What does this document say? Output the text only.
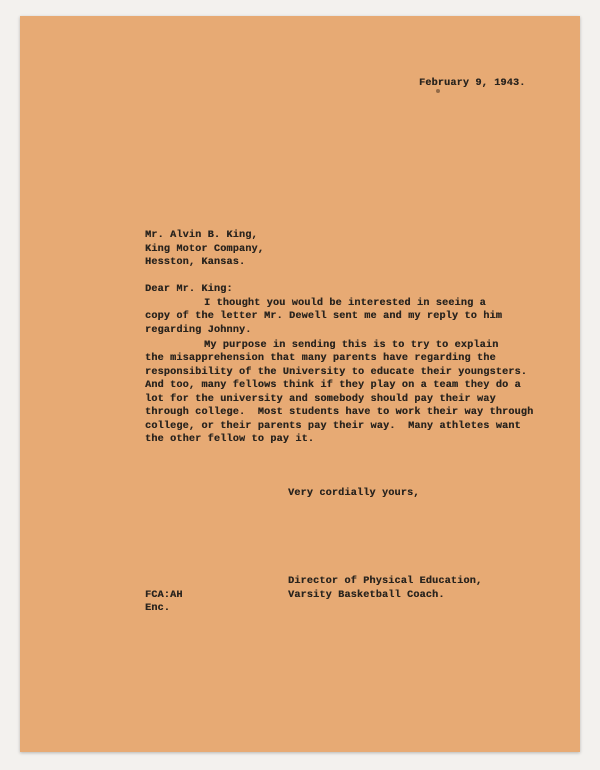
February 9, 1943.

Mr. Alvin B. King,

King Motor Company,

Hesston, Kansas.

Dear Mr. King:

I thought you would be interested in seeing a

copy of the letter Mr. Dewell sent me and my reply to him

regarding Johnny.

My purpose in sending this is to try to explain

the misapprehension that many parents have regarding the

responsibility of the University to educate their youngsters.

And too, many fellows think if they play on a team they do a

lot for the university and somebody should pay their way

through college.  Most students have to work their way through

college, or their parents pay their way.  Many athletes want

the other fellow to pay it.

Very cordially yours,

Director of Physical Education,

Varsity Basketball Coach.

FCA:AH

Enc.
